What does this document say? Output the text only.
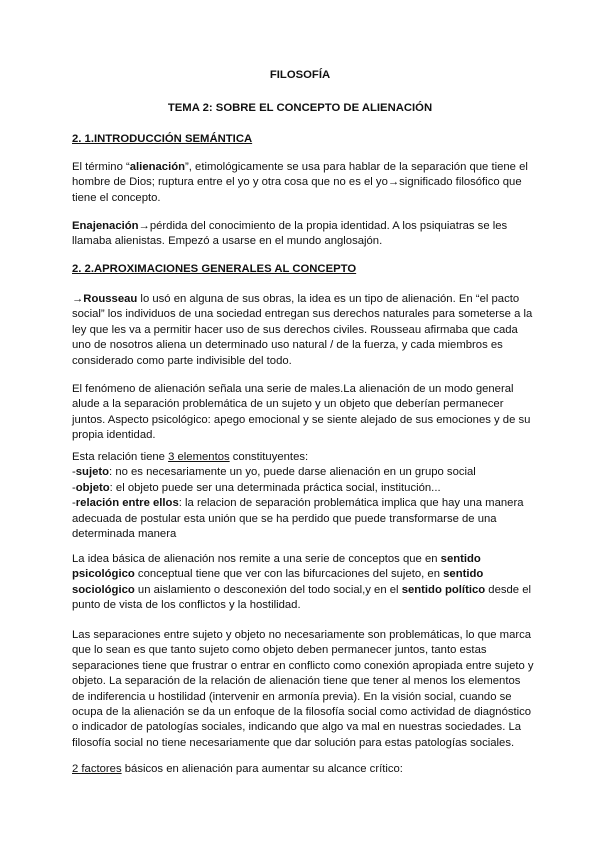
FILOSOFÍA

TEMA 2: SOBRE EL CONCEPTO DE ALIENACIÓN

2. 1.INTRODUCCIÓN SEMÁNTICA

El término “alienación”, etimológicamente se usa para hablar de la separación que tiene el
hombre de Dios; ruptura entre el yo y otra cosa que no es el yo→significado filosófico que
tiene el concepto.
Enajenación→pérdida del conocimiento de la propia identidad. A los psiquiatras se les
llamaba alienistas. Empezó a usarse en el mundo anglosajón.

2. 2.APROXIMACIONES GENERALES AL CONCEPTO

→Rousseau lo usó en alguna de sus obras, la idea es un tipo de alienación. En “el pacto
social” los individuos de una sociedad entregan sus derechos naturales para someterse a la
ley que les va a permitir hacer uso de sus derechos civiles. Rousseau afirmaba que cada
uno de nosotros aliena un determinado uso natural / de la fuerza, y cada miembros es
considerado como parte indivisible del todo.
El fenómeno de alienación señala una serie de males.La alienación de un modo general
alude a la separación problemática de un sujeto y un objeto que deberían permanecer
juntos. Aspecto psicológico: apego emocional y se siente alejado de sus emociones y de su
propia identidad.
Esta relación tiene 3 elementos constituyentes:
-sujeto: no es necesariamente un yo, puede darse alienación en un grupo social
-objeto: el objeto puede ser una determinada práctica social, institución...
-relación entre ellos: la relacion de separación problemática implica que hay una manera
adecuada de postular esta unión que se ha perdido que puede transformarse de una
determinada manera
La idea básica de alienación nos remite a una serie de conceptos que en sentido
psicológico conceptual tiene que ver con las bifurcaciones del sujeto, en sentido
sociológico un aislamiento o desconexión del todo social,y en el sentido político desde el
punto de vista de los conflictos y la hostilidad.
Las separaciones entre sujeto y objeto no necesariamente son problemáticas, lo que marca
que lo sean es que tanto sujeto como objeto deben permanecer juntos, tanto estas
separaciones tiene que frustrar o entrar en conflicto como conexión apropiada entre sujeto y
objeto. La separación de la relación de alienación tiene que tener al menos los elementos
de indiferencia u hostilidad (intervenir en armonía previa). En la visión social, cuando se
ocupa de la alienación se da un enfoque de la filosofía social como actividad de diagnóstico
o indicador de patologías sociales, indicando que algo va mal en nuestras sociedades. La
filosofía social no tiene necesariamente que dar solución para estas patologías sociales.
2 factores básicos en alienación para aumentar su alcance crítico:
